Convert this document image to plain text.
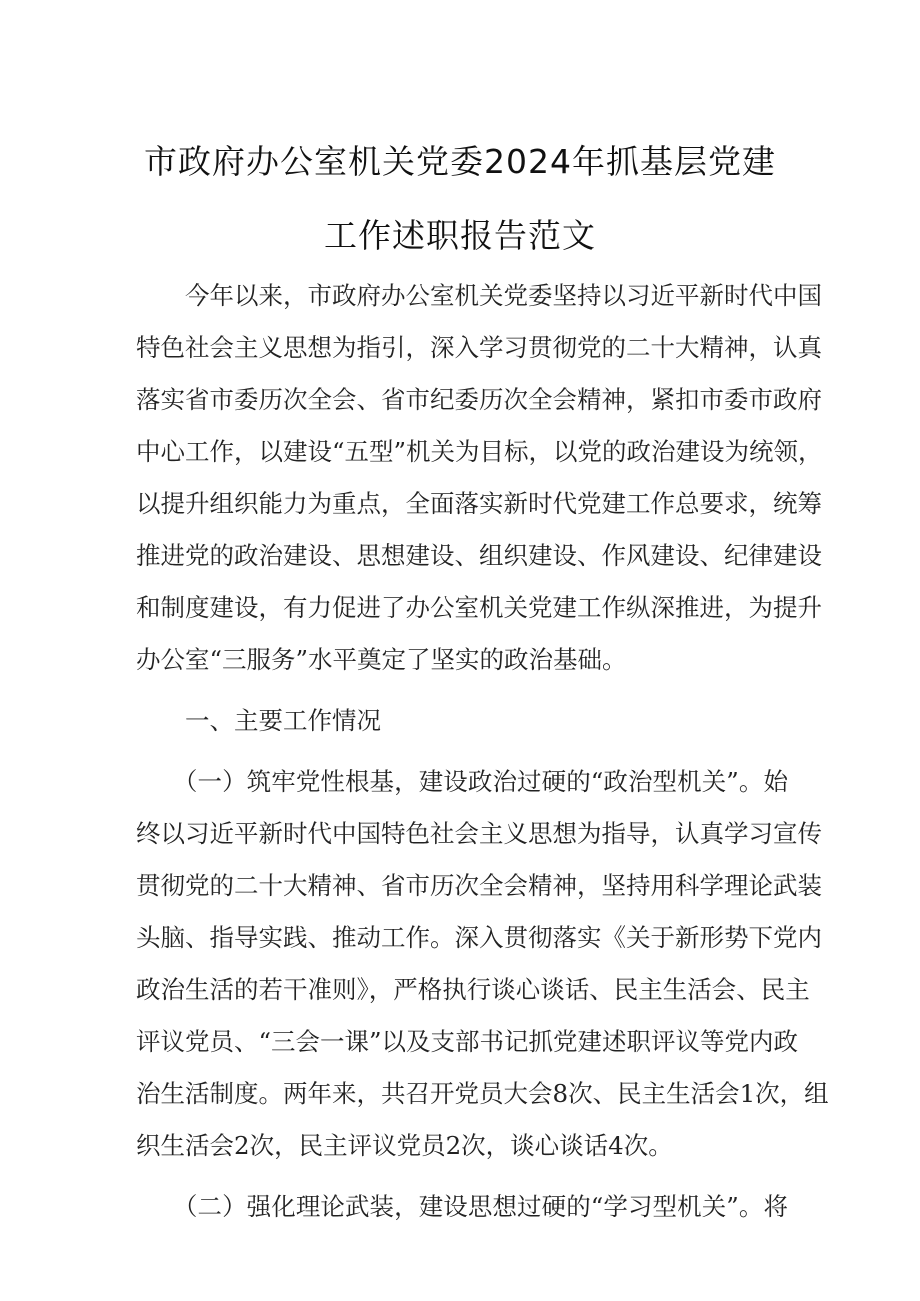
市政府办公室机关党委2024年抓基层党建
工作述职报告范文
　　今年以来，市政府办公室机关党委坚持以习近平新时代中国
特色社会主义思想为指引，深入学习贯彻党的二十大精神，认真
落实省市委历次全会、省市纪委历次全会精神，紧扣市委市政府
中心工作，以建设“五型”机关为目标，以党的政治建设为统领，
以提升组织能力为重点，全面落实新时代党建工作总要求，统筹
推进党的政治建设、思想建设、组织建设、作风建设、纪律建设
和制度建设，有力促进了办公室机关党建工作纵深推进，为提升
办公室“三服务”水平奠定了坚实的政治基础。
　　一、主要工作情况
　　（一）筑牢党性根基，建设政治过硬的“政治型机关”。始
终以习近平新时代中国特色社会主义思想为指导，认真学习宣传
贯彻党的二十大精神、省市历次全会精神，坚持用科学理论武装
头脑、指导实践、推动工作。深入贯彻落实《关于新形势下党内
政治生活的若干准则》，严格执行谈心谈话、民主生活会、民主
评议党员、“三会一课”以及支部书记抓党建述职评议等党内政
治生活制度。两年来，共召开党员大会8次、民主生活会1次，组
织生活会2次，民主评议党员2次，谈心谈话4次。
　　（二）强化理论武装，建设思想过硬的“学习型机关”。将
